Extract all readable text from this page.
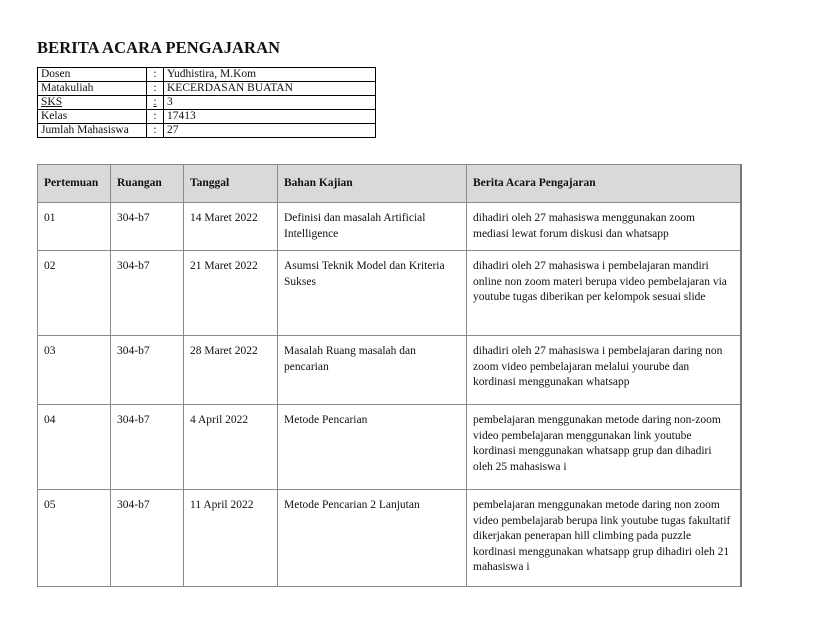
BERITA ACARA PENGAJARAN
Dosen	:	Yudhistira, M.Kom
Matakuliah	:	KECERDASAN BUATAN
SKS	:	3
Kelas	:	17413
Jumlah Mahasiswa	:	27
Pertemuan	Ruangan	Tanggal	Bahan Kajian	Berita Acara Pengajaran
01	304-b7	14 Maret 2022	Definisi dan masalah Artificial Intelligence	dihadiri oleh 27 mahasiswa menggunakan zoom mediasi lewat forum diskusi dan whatsapp
02	304-b7	21 Maret 2022	Asumsi Teknik Model dan Kriteria Sukses	dihadiri oleh 27 mahasiswa i pembelajaran mandiri online non zoom materi berupa video pembelajaran via youtube tugas diberikan per kelompok sesuai slide
03	304-b7	28 Maret 2022	Masalah Ruang masalah dan pencarian	dihadiri oleh 27 mahasiswa i pembelajaran daring non zoom video pembelajaran melalui yourube dan kordinasi menggunakan whatsapp
04	304-b7	4 April 2022	Metode Pencarian	pembelajaran menggunakan metode daring non-zoom video pembelajaran menggunakan link youtube kordinasi menggunakan whatsapp grup dan dihadiri oleh 25 mahasiswa i
05	304-b7	11 April 2022	Metode Pencarian 2 Lanjutan	pembelajaran menggunakan metode daring non zoom video pembelajarab berupa link youtube tugas fakultatif dikerjakan penerapan hill climbing pada puzzle kordinasi menggunakan whatsapp grup dihadiri oleh 21 mahasiswa i
